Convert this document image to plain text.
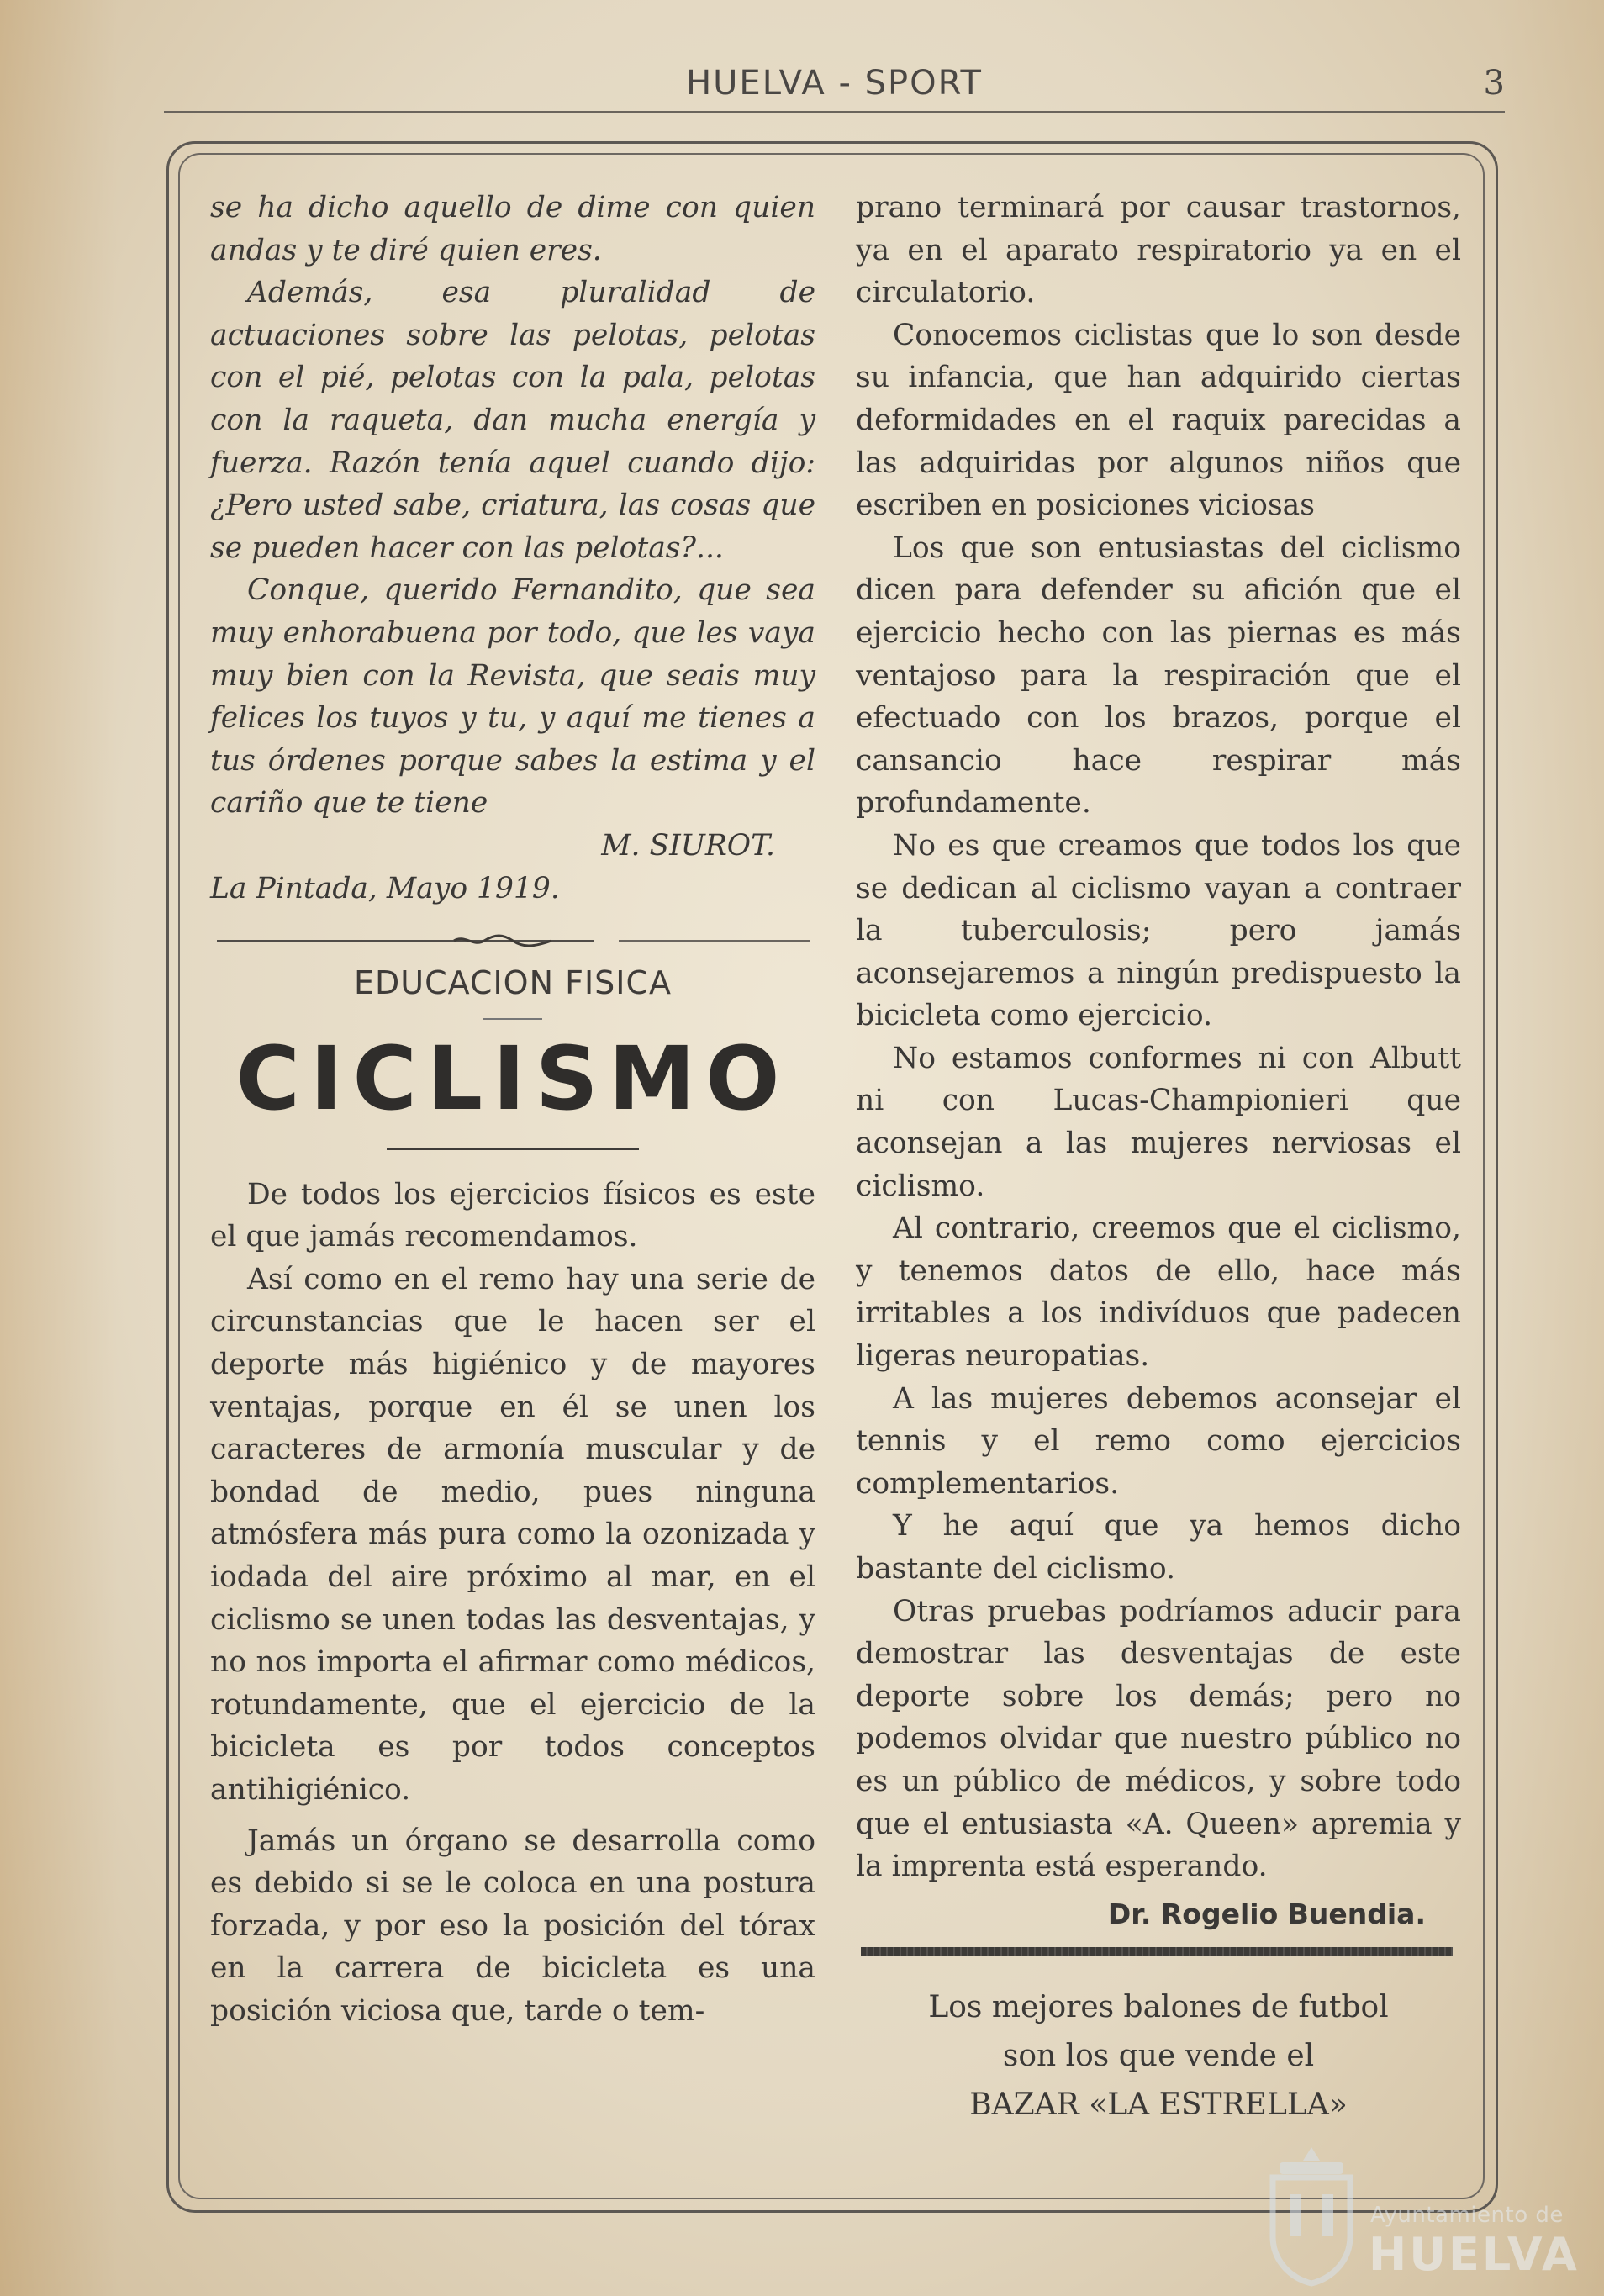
HUELVA - SPORT	3

se ha dicho aquello de dime con quien andas y te diré quien eres.

Además, esa pluralidad de actuaciones sobre las pelotas, pelotas con el pié, pelotas con la pala, pelotas con la raqueta, dan mucha energía y fuerza. Razón tenía aquel cuando dijo: ¿Pero usted sabe, criatura, las cosas que se pueden hacer con las pelotas?...

Conque, querido Fernandito, que sea muy enhorabuena por todo, que les vaya muy bien con la Revista, que seais muy felices los tuyos y tu, y aquí me tienes a tus órdenes porque sabes la estima y el cariño que te tiene

M. SIUROT.

La Pintada, Mayo 1919.

EDUCACION FISICA
CICLISMO

De todos los ejercicios físicos es este el que jamás recomendamos.

Así como en el remo hay una serie de circunstancias que le hacen ser el deporte más higiénico y de mayores ventajas, porque en él se unen los caracteres de armonía muscular y de bondad de medio, pues ninguna atmósfera más pura como la ozonizada y iodada del aire próximo al mar, en el ciclismo se unen todas las desventajas, y no nos importa el afirmar como médicos, rotundamente, que el ejercicio de la bicicleta es por todos conceptos antihigiénico.

Jamás un órgano se desarrolla como es debido si se le coloca en una postura forzada, y por eso la posición del tórax en la carrera de bicicleta es una posición viciosa que, tarde o tem-

prano terminará por causar trastornos, ya en el aparato respiratorio ya en el circulatorio.

Conocemos ciclistas que lo son desde su infancia, que han adquirido ciertas deformidades en el raquix parecidas a las adquiridas por algunos niños que escriben en posiciones viciosas

Los que son entusiastas del ciclismo dicen para defender su afición que el ejercicio hecho con las piernas es más ventajoso para la respiración que el efectuado con los brazos, porque el cansancio hace respirar más profundamente.

No es que creamos que todos los que se dedican al ciclismo vayan a contraer la tuberculosis; pero jamás aconsejaremos a ningún predispuesto la bicicleta como ejercicio.

No estamos conformes ni con Albutt ni con Lucas-Championieri que aconsejan a las mujeres nerviosas el ciclismo.

Al contrario, creemos que el ciclismo, y tenemos datos de ello, hace más irritables a los indivíduos que padecen ligeras neuropatias.

A las mujeres debemos aconsejar el tennis y el remo como ejercicios complementarios.

Y he aquí que ya hemos dicho bastante del ciclismo.

Otras pruebas podríamos aducir para demostrar las desventajas de este deporte sobre los demás; pero no podemos olvidar que nuestro público no es un público de médicos, y sobre todo que el entusiasta «A. Queen» apremia y la imprenta está esperando.

Dr. Rogelio Buendia.

Los mejores balones de futbol

son los que vende el

BAZAR «LA ESTRELLA»

Ayuntamiento de
HUELVA
